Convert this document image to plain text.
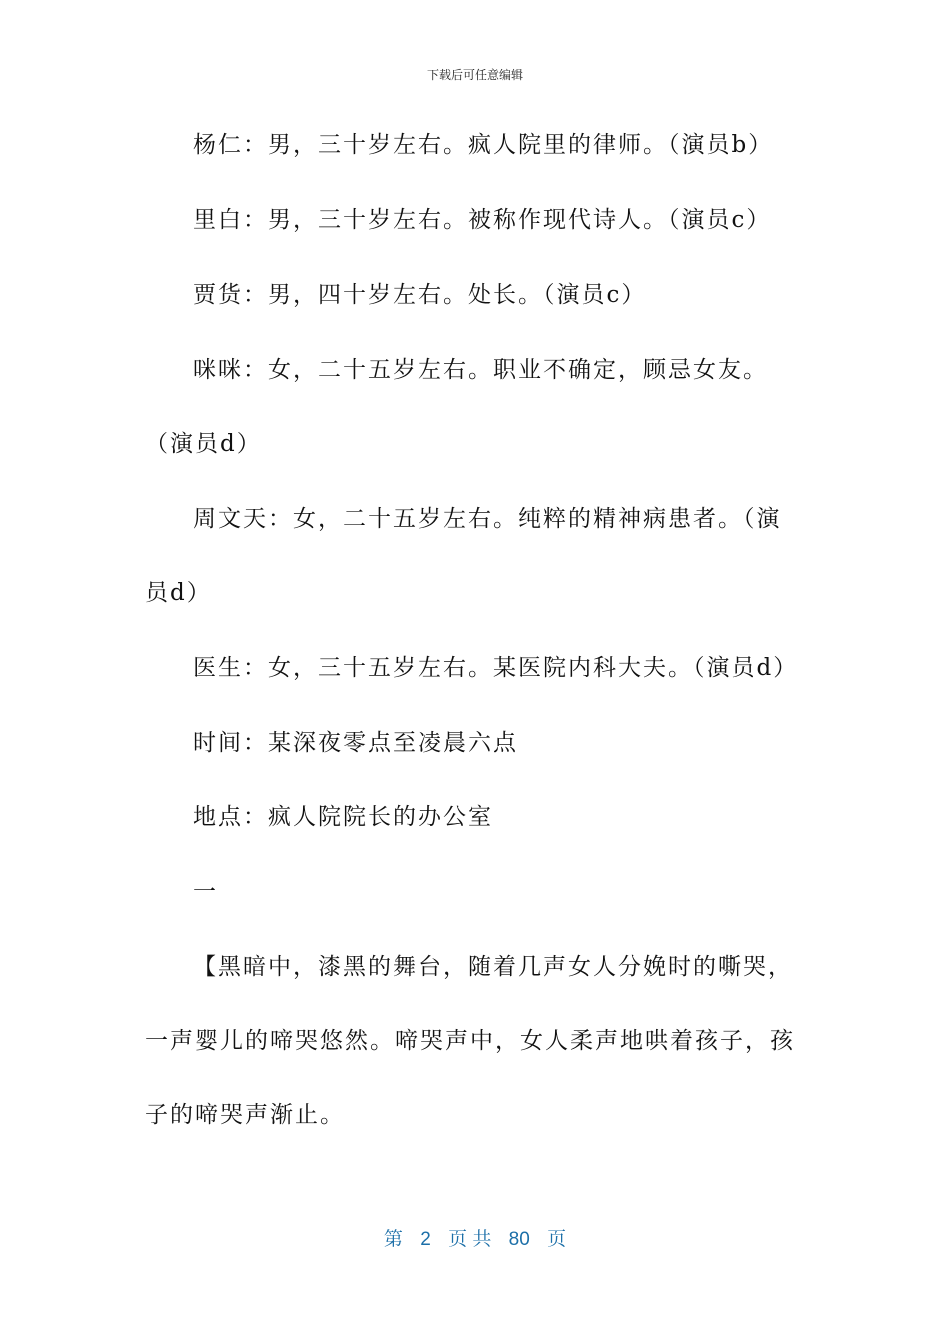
下载后可任意编辑
杨仁：男，三十岁左右。疯人院里的律师。（演员b）
里白：男，三十岁左右。被称作现代诗人。（演员c）
贾货：男，四十岁左右。处长。（演员c）
咪咪：女，二十五岁左右。职业不确定，顾忌女友。（演员d）
周文天：女，二十五岁左右。纯粹的精神病患者。（演员d）
医生：女，三十五岁左右。某医院内科大夫。（演员d）
时间：某深夜零点至凌晨六点
地点：疯人院院长的办公室
一
【黑暗中，漆黑的舞台，随着几声女人分娩时的嘶哭，一声婴儿的啼哭悠然。啼哭声中，女人柔声地哄着孩子，孩子的啼哭声渐止。
第 2 页 共 80 页
